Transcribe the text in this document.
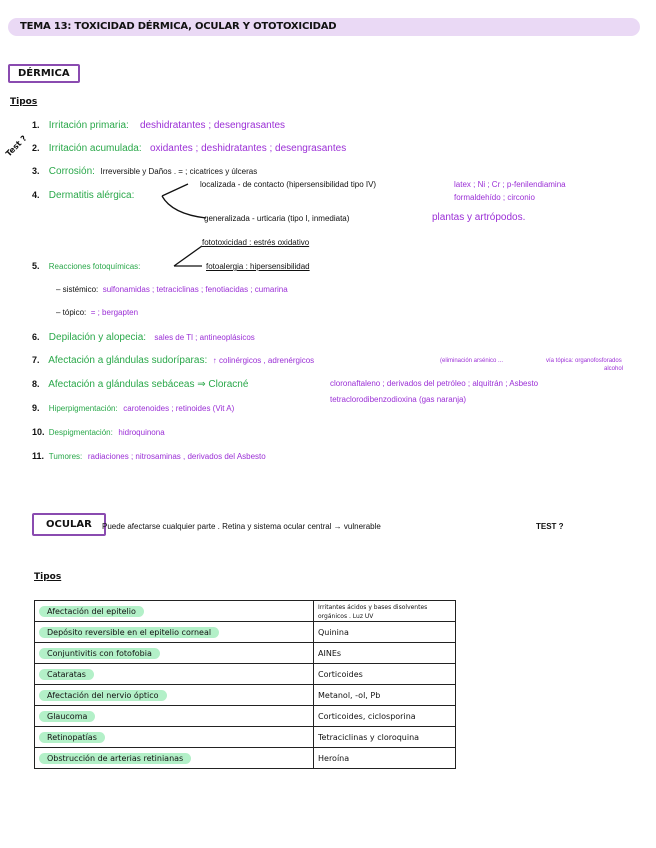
TEMA 13: TOXICIDAD DÉRMICA, OCULAR Y OTOTOXICIDAD
DÉRMICA
Tipos
Test ?
1. Irritación primaria: deshidratantes ; desengrasantes
2. Irritación acumulada: oxidantes ; deshidratantes ; desengrasantes
3. Corrosión: Irreversible y Daños . = ; cicatrices y úlceras
4. Dermatitis alérgica:
localizada - de contacto (hipersensibilidad tipo IV)	latex ; Ni ; Cr ; p-fenilendiamina
formaldehído ; circonio
generalizada - urticaria (tipo I, inmediata)	plantas y artrópodos.
fototoxicidad : estrés oxidativo
5. Reacciones fotoquímicas:	fotoalergia : hipersensibilidad
– sistémico: sulfonamidas ; tetraciclinas ; fenotiacidas ; cumarina
– tópico: = ; bergapten
6. Depilación y alopecia: sales de Tl ; antineoplásicos
7. Afectación a glándulas sudoríparas: ↑ colinérgicos , adrenérgicos	(eliminación arsénico ...	vía tópica: organofosforados
alcohol
8. Afectación a glándulas sebáceas ⇒ Cloracné	cloronaftaleno ; derivados del petróleo ; alquitrán ; Asbesto
tetraclorodibenzodioxina (gas naranja)
9. Hiperpigmentación: carotenoides ; retinoides (Vit A)
10. Despigmentación: hidroquinona
11. Tumores: radiaciones ; nitrosaminas , derivados del Asbesto
OCULAR	Puede afectarse cualquier parte . Retina y sistema ocular central → vulnerable	TEST ?
Tipos
Afectación del epitelio	Irritantes ácidos y bases disolventes orgánicos . Luz UV
Depósito reversible en el epitelio corneal	Quinina
Conjuntivitis con fotofobia	AINEs
Cataratas	Corticoides
Afectación del nervio óptico	Metanol, -ol, Pb
Glaucoma	Corticoides, ciclosporina
Retinopatías	Tetraciclinas y cloroquina
Obstrucción de arterias retinianas	Heroína
